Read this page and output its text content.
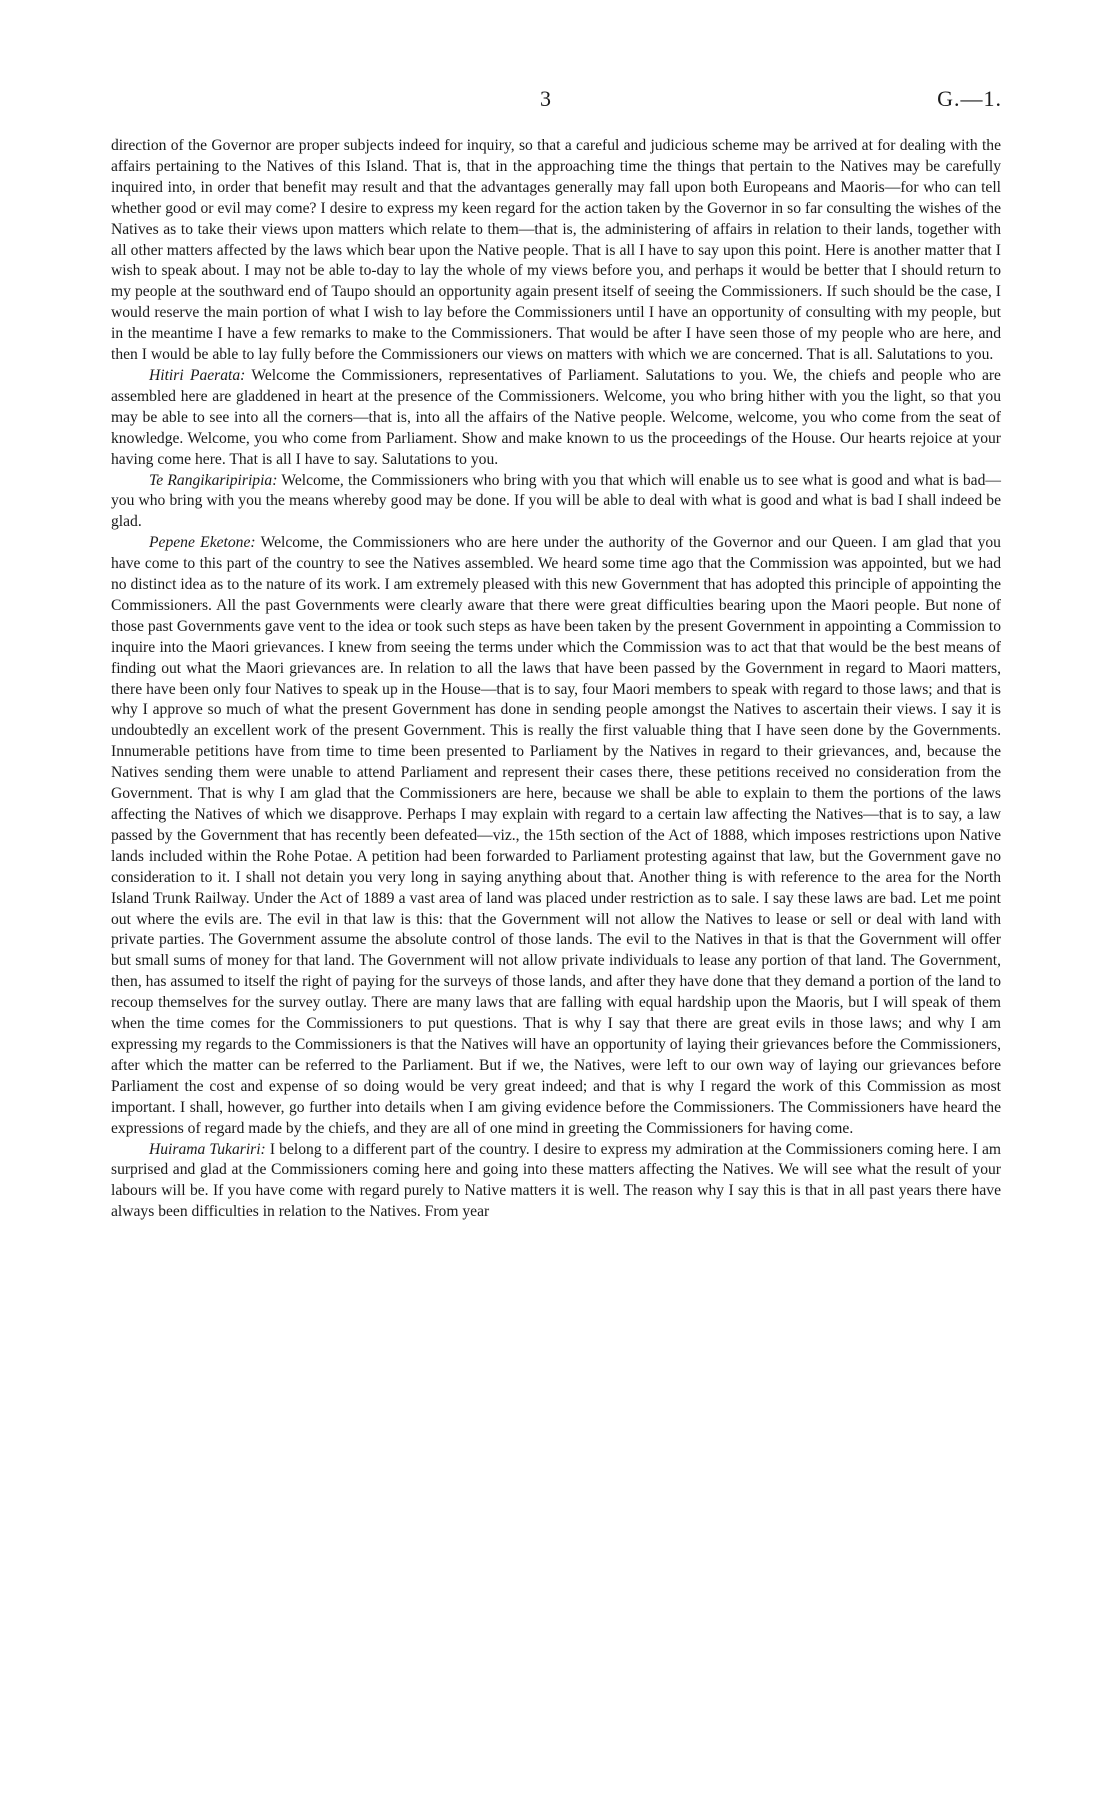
3	G.—1.

direction of the Governor are proper subjects indeed for inquiry, so that a careful and judicious scheme may be arrived at for dealing with the affairs pertaining to the Natives of this Island. That is, that in the approaching time the things that pertain to the Natives may be carefully inquired into, in order that benefit may result and that the advantages generally may fall upon both Europeans and Maoris—for who can tell whether good or evil may come? I desire to express my keen regard for the action taken by the Governor in so far consulting the wishes of the Natives as to take their views upon matters which relate to them—that is, the administering of affairs in relation to their lands, together with all other matters affected by the laws which bear upon the Native people. That is all I have to say upon this point. Here is another matter that I wish to speak about. I may not be able to-day to lay the whole of my views before you, and perhaps it would be better that I should return to my people at the southward end of Taupo should an opportunity again present itself of seeing the Commissioners. If such should be the case, I would reserve the main portion of what I wish to lay before the Commissioners until I have an opportunity of consulting with my people, but in the meantime I have a few remarks to make to the Commissioners. That would be after I have seen those of my people who are here, and then I would be able to lay fully before the Commissioners our views on matters with which we are concerned. That is all. Salutations to you.

Hitiri Paerata: Welcome the Commissioners, representatives of Parliament. Salutations to you. We, the chiefs and people who are assembled here are gladdened in heart at the presence of the Commissioners. Welcome, you who bring hither with you the light, so that you may be able to see into all the corners—that is, into all the affairs of the Native people. Welcome, welcome, you who come from the seat of knowledge. Welcome, you who come from Parliament. Show and make known to us the proceedings of the House. Our hearts rejoice at your having come here. That is all I have to say. Salutations to you.

Te Rangikaripiripia: Welcome, the Commissioners who bring with you that which will enable us to see what is good and what is bad—you who bring with you the means whereby good may be done. If you will be able to deal with what is good and what is bad I shall indeed be glad.

Pepene Eketone: Welcome, the Commissioners who are here under the authority of the Governor and our Queen. I am glad that you have come to this part of the country to see the Natives assembled. We heard some time ago that the Commission was appointed, but we had no distinct idea as to the nature of its work. I am extremely pleased with this new Government that has adopted this principle of appointing the Commissioners. All the past Governments were clearly aware that there were great difficulties bearing upon the Maori people. But none of those past Governments gave vent to the idea or took such steps as have been taken by the present Government in appointing a Commission to inquire into the Maori grievances. I knew from seeing the terms under which the Commission was to act that that would be the best means of finding out what the Maori grievances are. In relation to all the laws that have been passed by the Government in regard to Maori matters, there have been only four Natives to speak up in the House—that is to say, four Maori members to speak with regard to those laws; and that is why I approve so much of what the present Government has done in sending people amongst the Natives to ascertain their views. I say it is undoubtedly an excellent work of the present Government. This is really the first valuable thing that I have seen done by the Governments. Innumerable petitions have from time to time been presented to Parliament by the Natives in regard to their grievances, and, because the Natives sending them were unable to attend Parliament and represent their cases there, these petitions received no consideration from the Government. That is why I am glad that the Commissioners are here, because we shall be able to explain to them the portions of the laws affecting the Natives of which we disapprove. Perhaps I may explain with regard to a certain law affecting the Natives—that is to say, a law passed by the Government that has recently been defeated—viz., the 15th section of the Act of 1888, which imposes restrictions upon Native lands included within the Rohe Potae. A petition had been forwarded to Parliament protesting against that law, but the Government gave no consideration to it. I shall not detain you very long in saying anything about that. Another thing is with reference to the area for the North Island Trunk Railway. Under the Act of 1889 a vast area of land was placed under restriction as to sale. I say these laws are bad. Let me point out where the evils are. The evil in that law is this: that the Government will not allow the Natives to lease or sell or deal with land with private parties. The Government assume the absolute control of those lands. The evil to the Natives in that is that the Government will offer but small sums of money for that land. The Government will not allow private individuals to lease any portion of that land. The Government, then, has assumed to itself the right of paying for the surveys of those lands, and after they have done that they demand a portion of the land to recoup themselves for the survey outlay. There are many laws that are falling with equal hardship upon the Maoris, but I will speak of them when the time comes for the Commissioners to put questions. That is why I say that there are great evils in those laws; and why I am expressing my regards to the Commissioners is that the Natives will have an opportunity of laying their grievances before the Commissioners, after which the matter can be referred to the Parliament. But if we, the Natives, were left to our own way of laying our grievances before Parliament the cost and expense of so doing would be very great indeed; and that is why I regard the work of this Commission as most important. I shall, however, go further into details when I am giving evidence before the Commissioners. The Commissioners have heard the expressions of regard made by the chiefs, and they are all of one mind in greeting the Commissioners for having come.

Huirama Tukariri: I belong to a different part of the country. I desire to express my admiration at the Commissioners coming here. I am surprised and glad at the Commissioners coming here and going into these matters affecting the Natives. We will see what the result of your labours will be. If you have come with regard purely to Native matters it is well. The reason why I say this is that in all past years there have always been difficulties in relation to the Natives. From year
